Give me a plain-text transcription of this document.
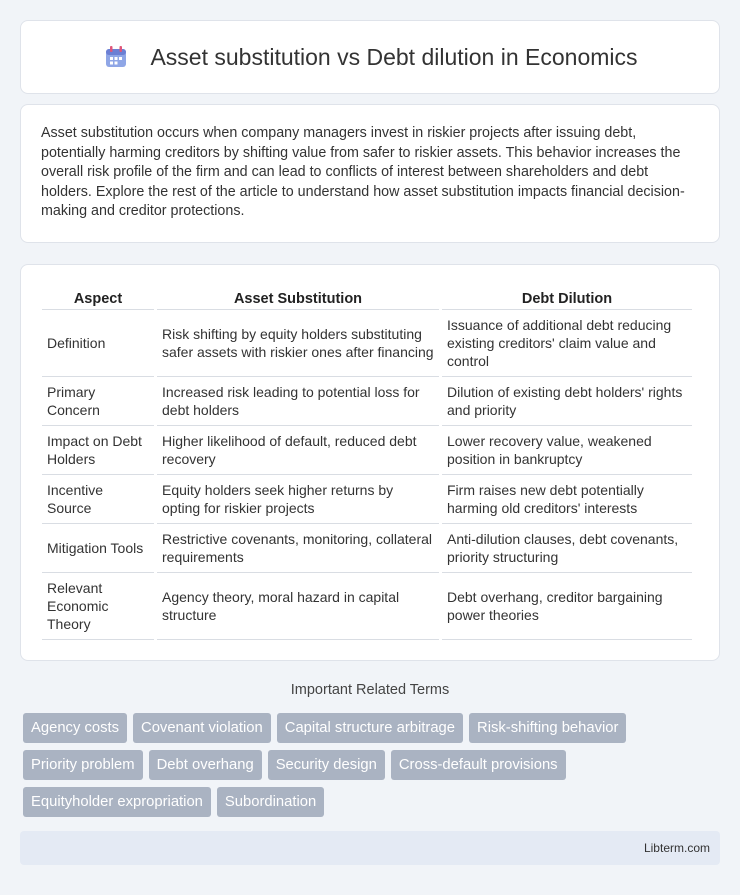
Asset substitution vs Debt dilution in Economics

Asset substitution occurs when company managers invest in riskier projects after issuing debt, potentially harming creditors by shifting value from safer to riskier assets. This behavior increases the overall risk profile of the firm and can lead to conflicts of interest between shareholders and debt holders. Explore the rest of the article to understand how asset substitution impacts financial decision-making and creditor protections.

Aspect	Asset Substitution	Debt Dilution
Definition	Risk shifting by equity holders substituting safer assets with riskier ones after financing	Issuance of additional debt reducing existing creditors' claim value and control
Primary Concern	Increased risk leading to potential loss for debt holders	Dilution of existing debt holders' rights and priority
Impact on Debt Holders	Higher likelihood of default, reduced debt recovery	Lower recovery value, weakened position in bankruptcy
Incentive Source	Equity holders seek higher returns by opting for riskier projects	Firm raises new debt potentially harming old creditors' interests
Mitigation Tools	Restrictive covenants, monitoring, collateral requirements	Anti-dilution clauses, debt covenants, priority structuring
Relevant Economic Theory	Agency theory, moral hazard in capital structure	Debt overhang, creditor bargaining power theories
Important Related Terms
Agency costs	Covenant violation	Capital structure arbitrage	Risk-shifting behavior
Priority problem	Debt overhang	Security design	Cross-default provisions
Equityholder expropriation	Subordination
Libterm.com
